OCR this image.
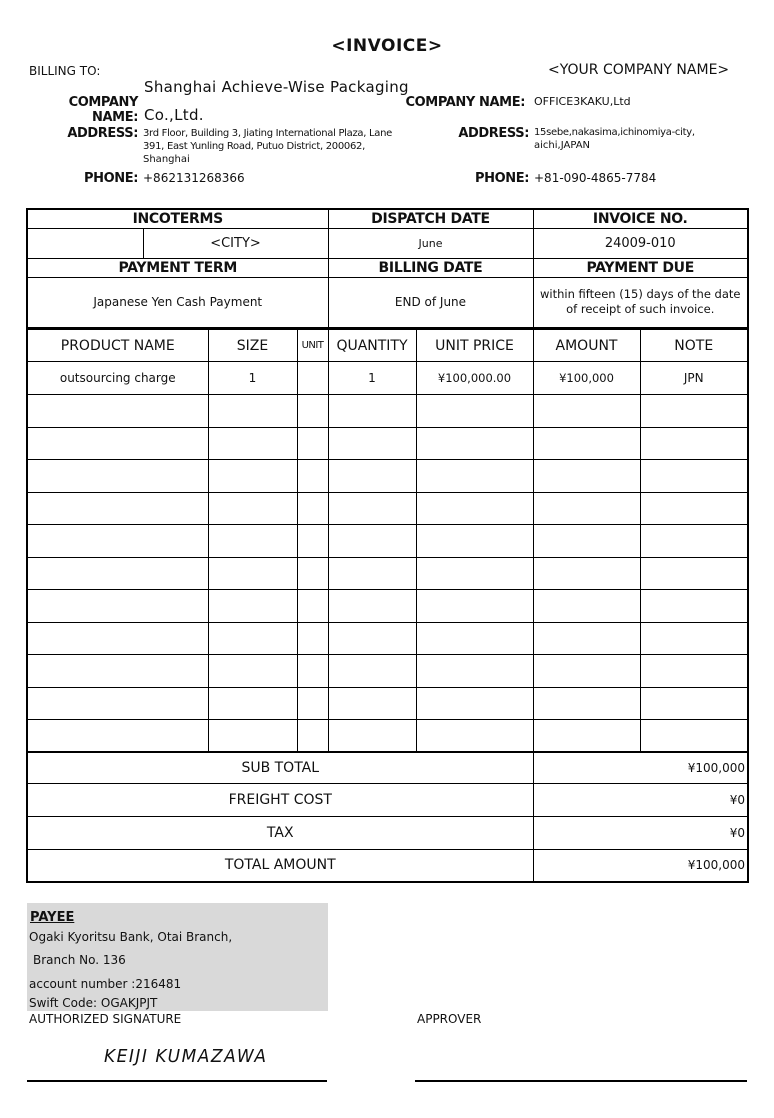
<INVOICE>
BILLING TO:
COMPANY NAME:
Shanghai Achieve-Wise Packaging
Co.,Ltd.
ADDRESS: 3rd Floor, Building 3, Jiating International Plaza, Lane
391, East Yunling Road, Putuo District, 200062,
Shanghai
PHONE: +862131268366
<YOUR COMPANY NAME>
COMPANY NAME: OFFICE3KAKU,Ltd
ADDRESS: 15sebe,nakasima,ichinomiya-city,
aichi,JAPAN
PHONE: +81-090-4865-7784
INCOTERMS		DISPATCH DATE	INVOICE NO.
	<CITY>	June	24009-010
PAYMENT TERM		BILLING DATE	PAYMENT DUE
Japanese Yen Cash Payment		END of June	within fifteen (15) days of the date
of receipt of such invoice.
PRODUCT NAME	SIZE	UNIT	QUANTITY	UNIT PRICE	AMOUNT	NOTE
outsourcing charge	1		1	¥100,000.00	¥100,000	JPN

SUB TOTAL	¥100,000
FREIGHT COST	¥0
TAX	¥0
TOTAL AMOUNT	¥100,000
PAYEE
Ogaki Kyoritsu Bank, Otai Branch,
Branch No. 136
account number :216481
Swift Code: OGAKJPJT
AUTHORIZED SIGNATURE
KEIJI KUMAZAWA
APPROVER
